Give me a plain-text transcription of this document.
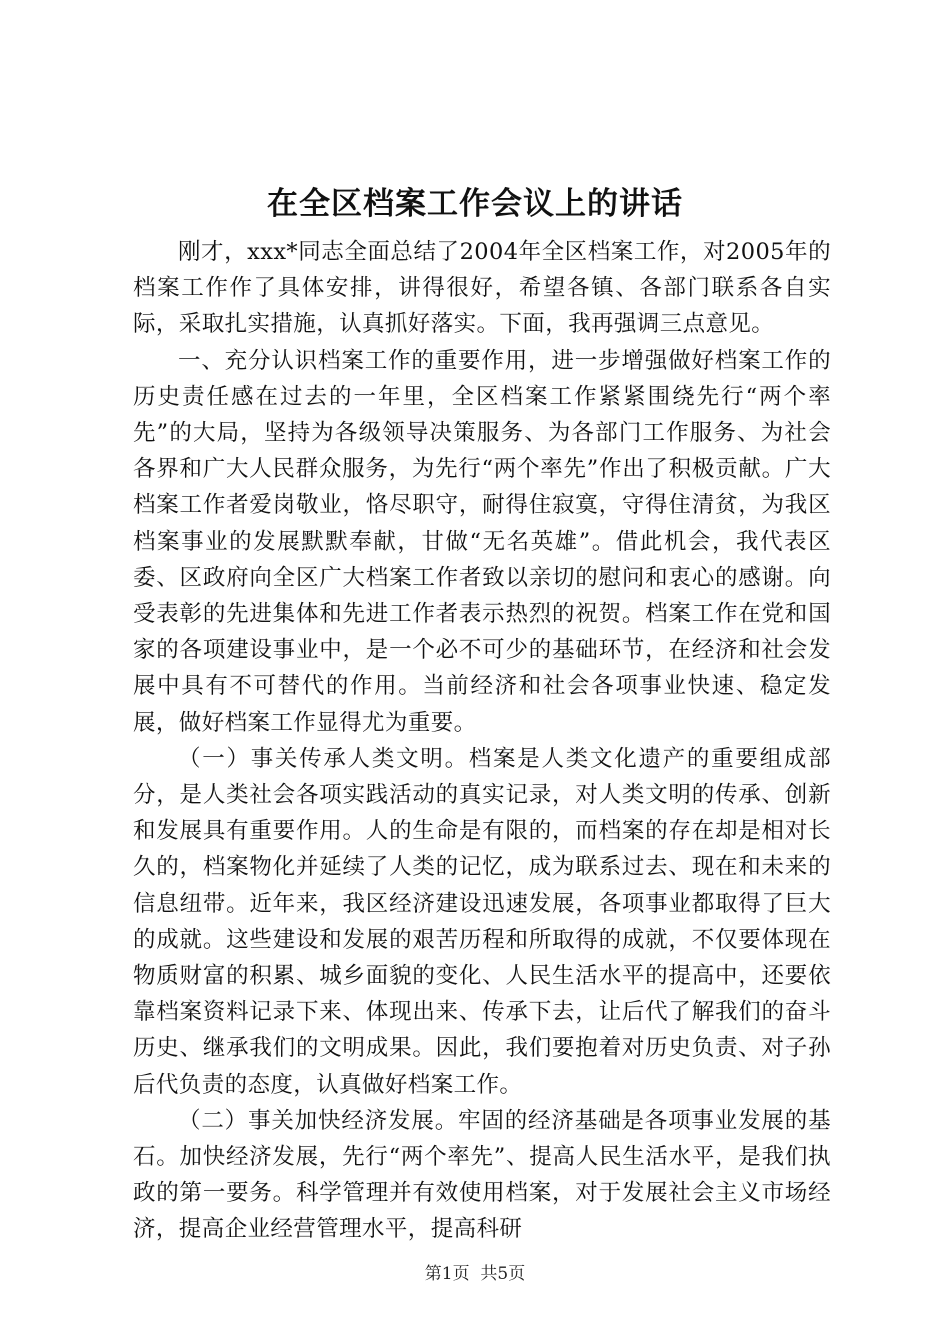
在全区档案工作会议上的讲话

刚才，xxx*同志全面总结了2004年全区档案工作，对2005年的档案工作作了具体安排，讲得很好，希望各镇、各部门联系各自实际，采取扎实措施，认真抓好落实。下面，我再强调三点意见。

一、充分认识档案工作的重要作用，进一步增强做好档案工作的历史责任感在过去的一年里，全区档案工作紧紧围绕先行“两个率先”的大局，坚持为各级领导决策服务、为各部门工作服务、为社会各界和广大人民群众服务，为先行“两个率先”作出了积极贡献。广大档案工作者爱岗敬业，恪尽职守，耐得住寂寞，守得住清贫，为我区档案事业的发展默默奉献，甘做“无名英雄”。借此机会，我代表区委、区政府向全区广大档案工作者致以亲切的慰问和衷心的感谢。向受表彰的先进集体和先进工作者表示热烈的祝贺。档案工作在党和国家的各项建设事业中，是一个必不可少的基础环节，在经济和社会发展中具有不可替代的作用。当前经济和社会各项事业快速、稳定发展，做好档案工作显得尤为重要。

（一）事关传承人类文明。档案是人类文化遗产的重要组成部分，是人类社会各项实践活动的真实记录，对人类文明的传承、创新和发展具有重要作用。人的生命是有限的，而档案的存在却是相对长久的，档案物化并延续了人类的记忆，成为联系过去、现在和未来的信息纽带。近年来，我区经济建设迅速发展，各项事业都取得了巨大的成就。这些建设和发展的艰苦历程和所取得的成就，不仅要体现在物质财富的积累、城乡面貌的变化、人民生活水平的提高中，还要依靠档案资料记录下来、体现出来、传承下去，让后代了解我们的奋斗历史、继承我们的文明成果。因此，我们要抱着对历史负责、对子孙后代负责的态度，认真做好档案工作。

（二）事关加快经济发展。牢固的经济基础是各项事业发展的基石。加快经济发展，先行“两个率先”、提高人民生活水平，是我们执政的第一要务。科学管理并有效使用档案，对于发展社会主义市场经济，提高企业经营管理水平，提高科研

第1页 共5页
